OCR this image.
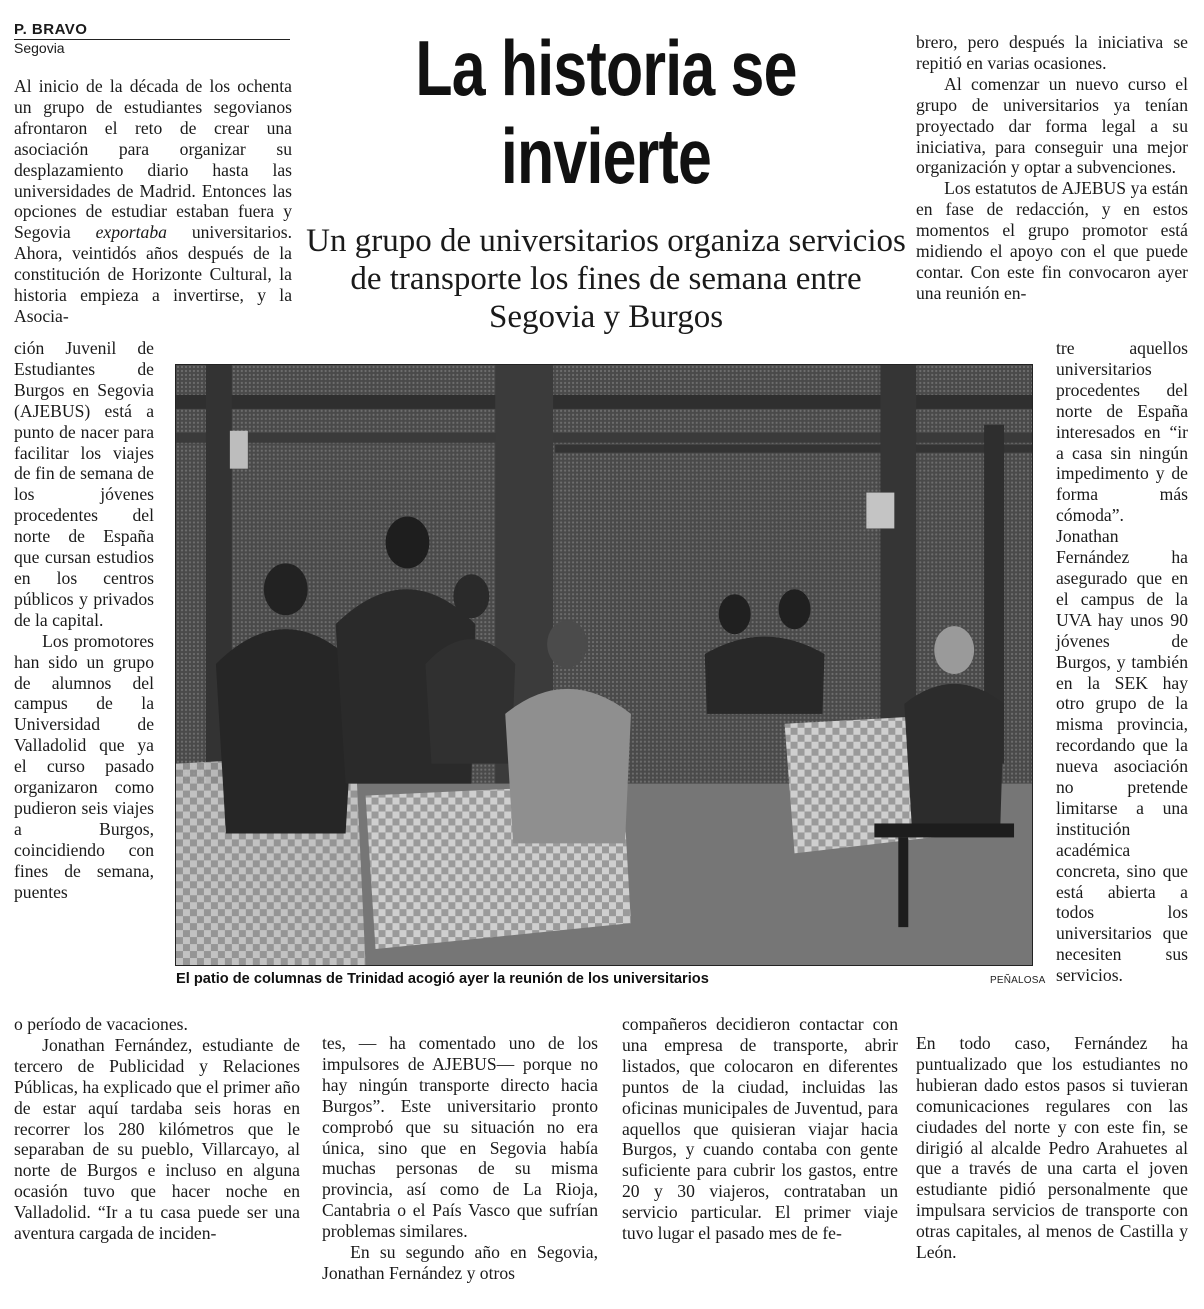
P. BRAVO
Segovia	La historia se invierte
Un grupo de universitarios organiza servicios de transporte los fines de semana entre Segovia y Burgos

Al inicio de la década de los ochenta un grupo de estudiantes segovianos afrontaron el reto de crear una asociación para organizar su desplazamiento diario hasta las universidades de Madrid. Entonces las opciones de estudiar estaban fuera y Segovia exportaba universitarios. Ahora, veintidós años después de la constitución de Horizonte Cultural, la historia empieza a invertirse, y la Asocia-

ción Juvenil de Estudiantes de Burgos en Segovia (AJEBUS) está a punto de nacer para facilitar los viajes de fin de semana de los jóvenes procedentes del norte de España que cursan estudios en los centros públicos y privados de la capital.

Los promotores han sido un grupo de alumnos del campus de la Universidad de Valladolid que ya el curso pasado organizaron como pudieron seis viajes a Burgos, coincidiendo con fines de semana, puentes

o período de vacaciones.

Jonathan Fernández, estudiante de tercero de Publicidad y Relaciones Públicas, ha explicado que el primer año de estar aquí tardaba seis horas en recorrer los 280 kilómetros que le separaban de su pueblo, Villarcayo, al norte de Burgos e incluso en alguna ocasión tuvo que hacer noche en Valladolid. “Ir a tu casa puede ser una aventura cargada de inciden-

tes, — ha comentado uno de los impulsores de AJEBUS— porque no hay ningún transporte directo hacia Burgos”. Este universitario pronto comprobó que su situación no era única, sino que en Segovia había muchas personas de su misma provincia, así como de La Rioja, Cantabria o el País Vasco que sufrían problemas similares.

En su segundo año en Segovia, Jonathan Fernández y otros

compañeros decidieron contactar con una empresa de transporte, abrir listados, que colocaron en diferentes puntos de la ciudad, incluidas las oficinas municipales de Juventud, para aquellos que quisieran viajar hacia Burgos, y cuando contaba con gente suficiente para cubrir los gastos, entre 20 y 30 viajeros, contrataban un servicio particular. El primer viaje tuvo lugar el pasado mes de fe-

brero, pero después la iniciativa se repitió en varias ocasiones.

Al comenzar un nuevo curso el grupo de universitarios ya tenían proyectado dar forma legal a su iniciativa, para conseguir una mejor organización y optar a subvenciones.

Los estatutos de AJEBUS ya están en fase de redacción, y en estos momentos el grupo promotor está midiendo el apoyo con el que puede contar. Con este fin convocaron ayer una reunión en-

tre aquellos universitarios procedentes del norte de España interesados en “ir a casa sin ningún impedimento y de forma más cómoda”. Jonathan Fernández ha asegurado que en el campus de la UVA hay unos 90 jóvenes de Burgos, y también en la SEK hay otro grupo de la misma provincia, recordando que la nueva asociación no pretende limitarse a una institución académica concreta, sino que está abierta a todos los universitarios que necesiten sus servicios.

En todo caso, Fernández ha puntualizado que los estudiantes no hubieran dado estos pasos si tuvieran comunicaciones regulares con las ciudades del norte y con este fin, se dirigió al alcalde Pedro Arahuetes al que a través de una carta el joven estudiante pidió personalmente que impulsara servicios de transporte con otras capitales, al menos de Castilla y León.

El patio de columnas de Trinidad acogió ayer la reunión de los universitarios	PEÑALOSA
